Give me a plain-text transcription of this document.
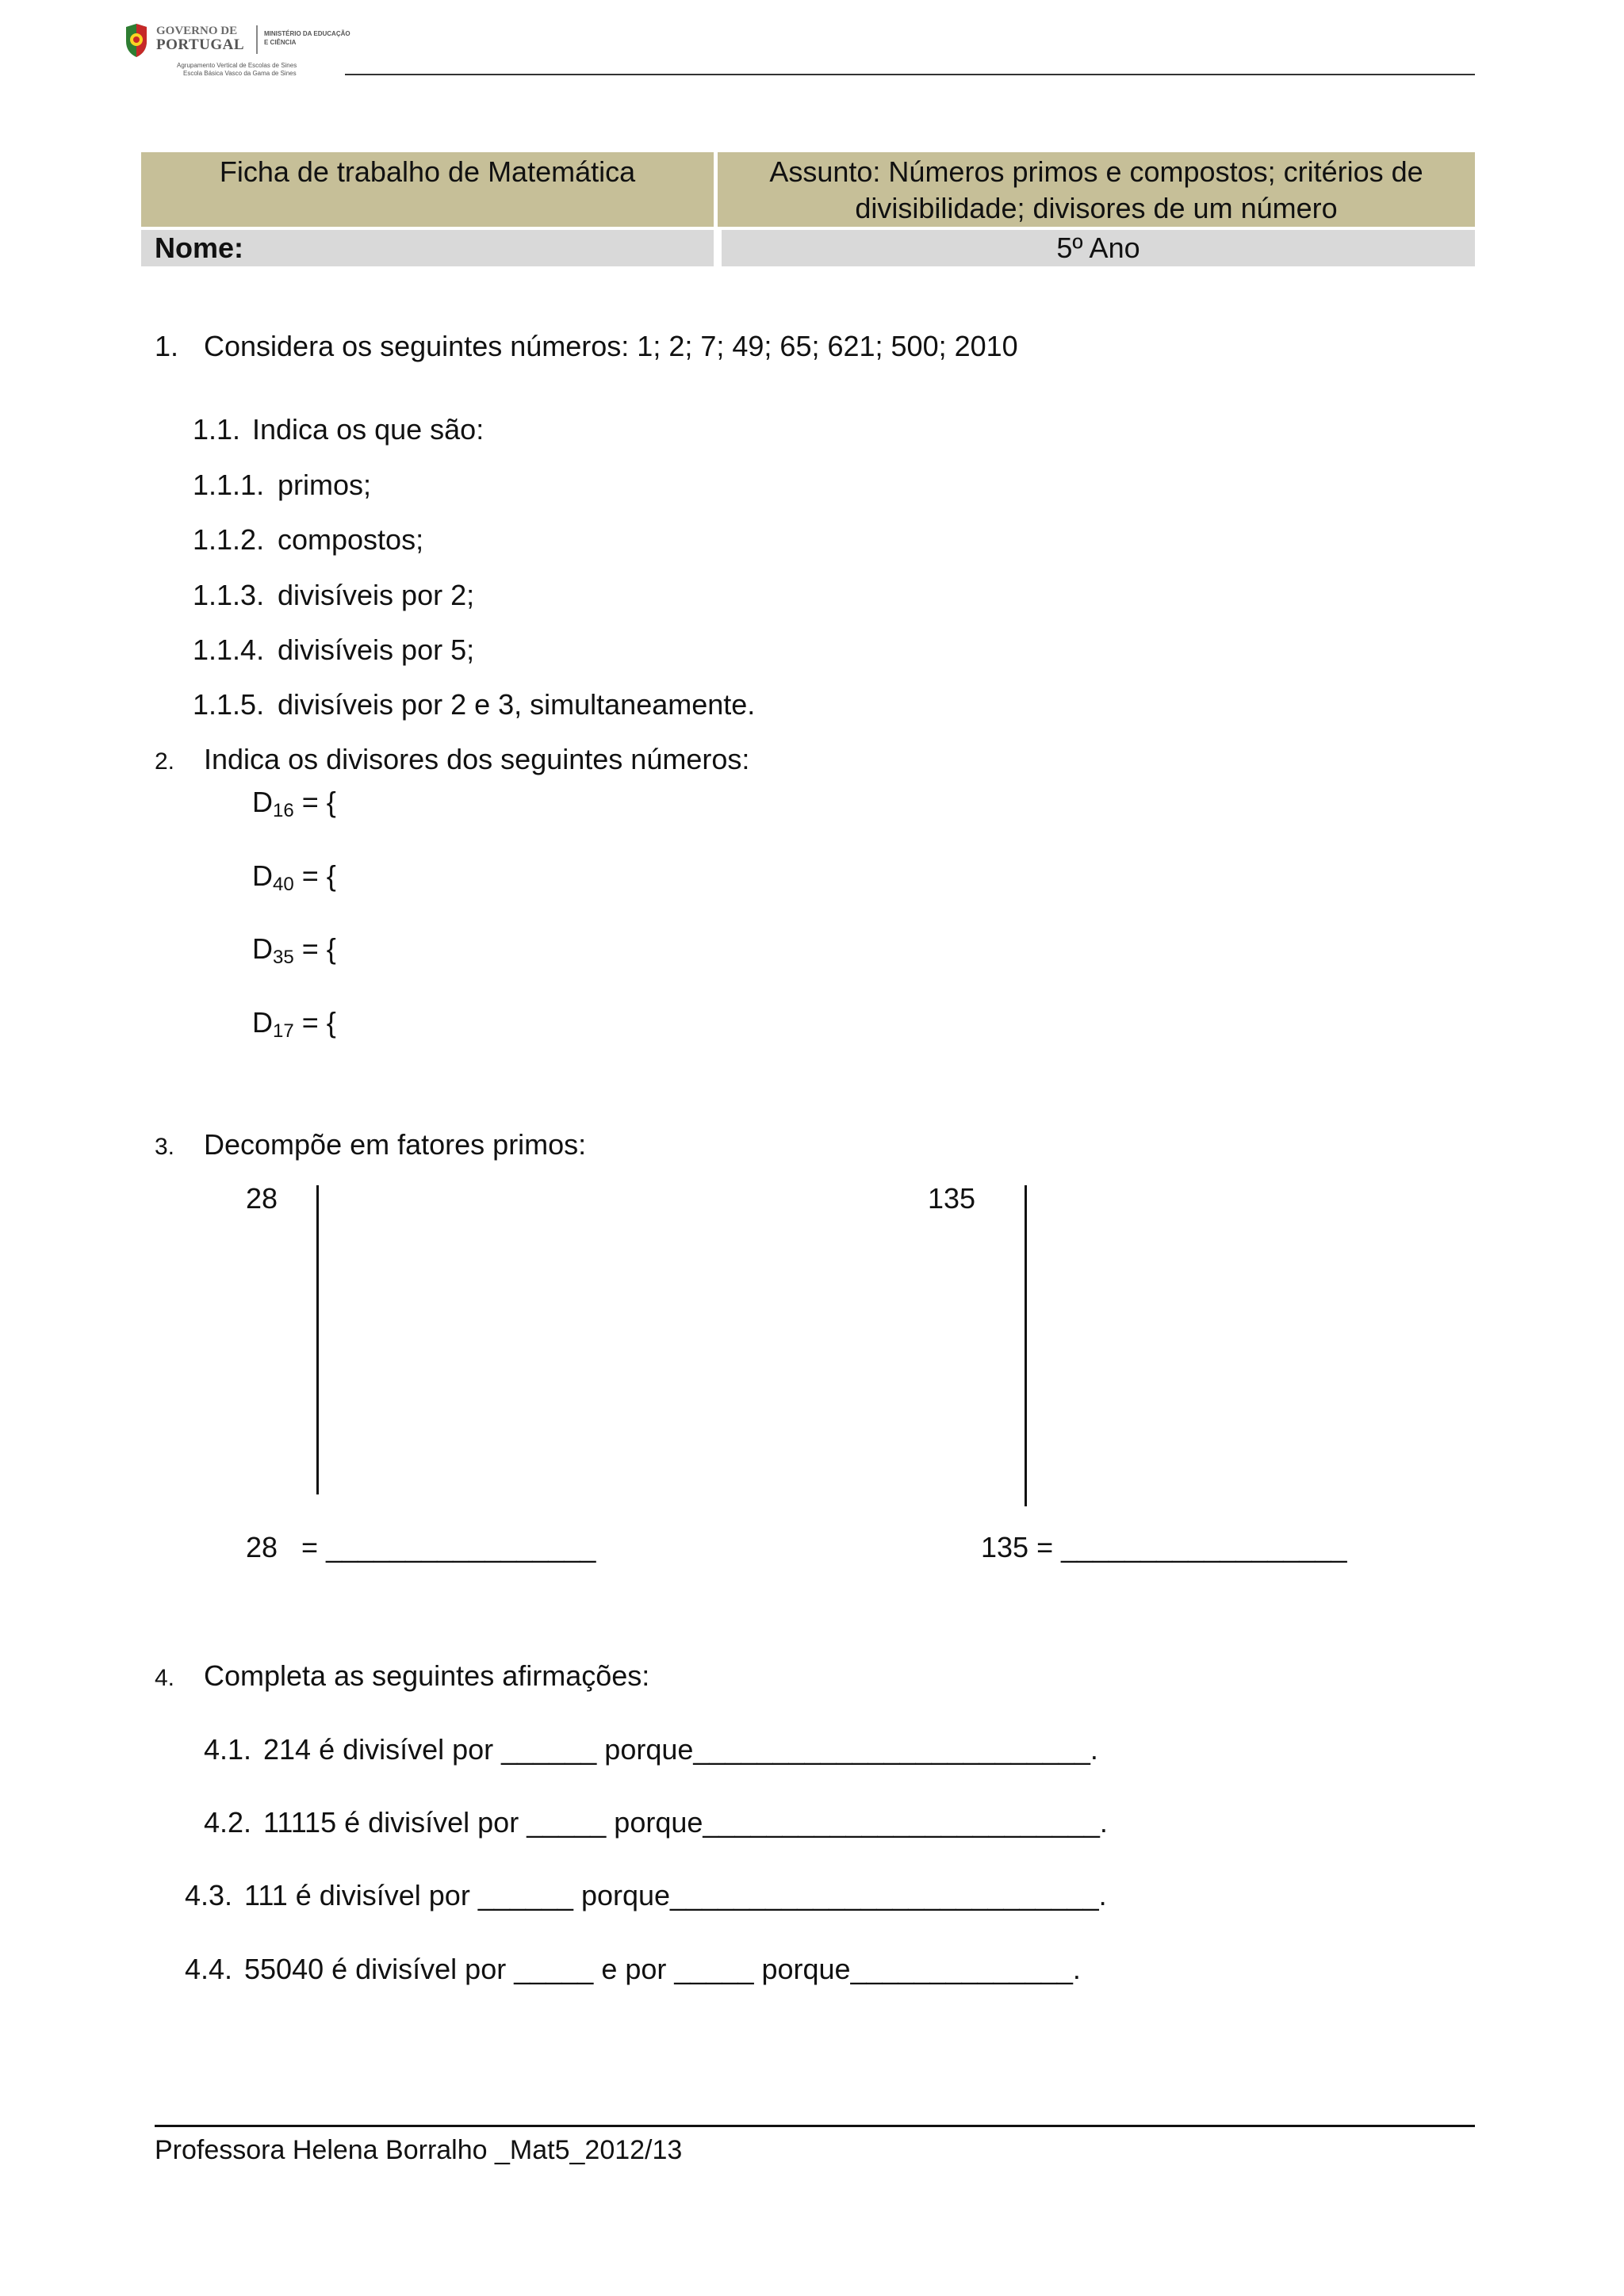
GOVERNO DE
PORTUGAL
MINISTÉRIO DA EDUCAÇÃO
E CIÊNCIA
Agrupamento Vertical de Escolas de Sines
Escola Básica Vasco da Gama de Sines
Ficha de trabalho de Matemática	Assunto: Números primos e compostos; critérios de
divisibilidade; divisores de um número
Nome:	5º Ano
1. Considera os seguintes números: 1; 2; 7; 49; 65; 621; 500; 2010
1.1. Indica os que são:
1.1.1. primos;
1.1.2. compostos;
1.1.3. divisíveis por 2;
1.1.4. divisíveis por 5;
1.1.5. divisíveis por 2 e 3, simultaneamente.
2. Indica os divisores dos seguintes números:
$D_{16}$ = {
$D_{40}$ = {
$D_{35}$ = {
$D_{17}$ = {
3. Decompõe em fatores primos:
28	135
28   = _________________	135 = __________________
4. Completa as seguintes afirmações:
4.1. 214 é divisível por ______ porque_________________________.
4.2. 11115 é divisível por _____ porque_________________________.
4.3. 111 é divisível por ______ porque___________________________.
4.4. 55040 é divisível por _____ e por _____ porque______________.
Professora Helena Borralho _Mat5_2012/13
